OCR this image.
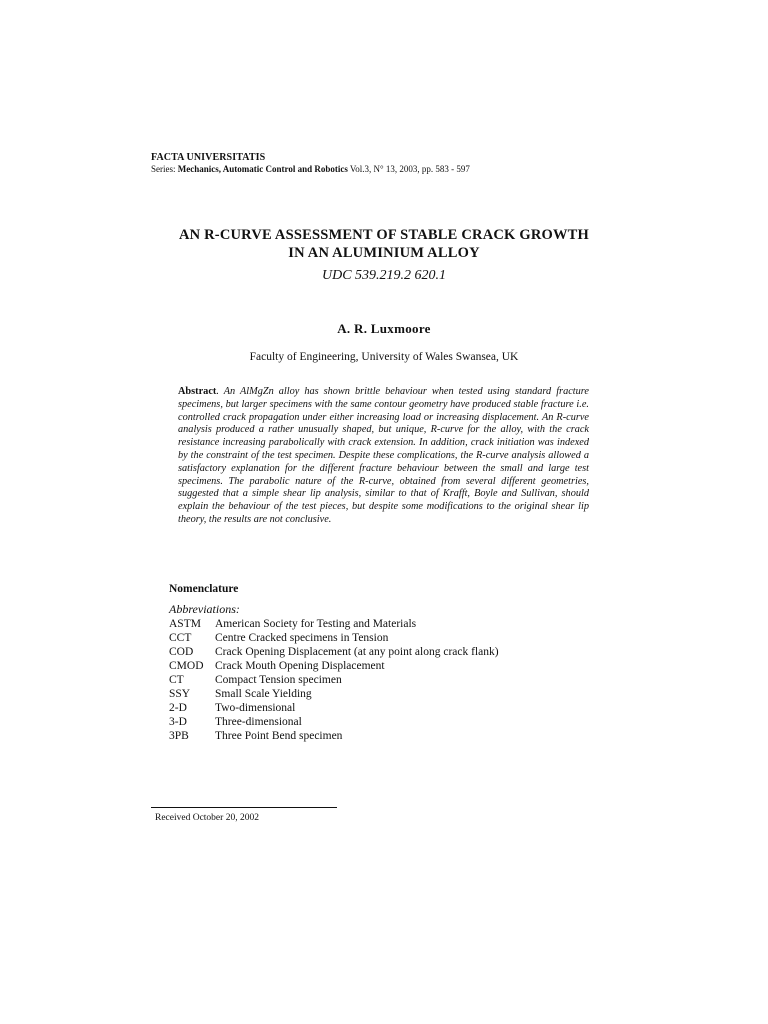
FACTA UNIVERSITATIS
Series: Mechanics, Automatic Control and Robotics Vol.3, N° 13, 2003, pp. 583 - 597
AN R-CURVE ASSESSMENT OF STABLE CRACK GROWTH
IN AN ALUMINIUM ALLOY
UDC 539.219.2 620.1
A. R. Luxmoore
Faculty of Engineering, University of Wales Swansea, UK
Abstract. An AlMgZn alloy has shown brittle behaviour when tested using standard fracture specimens, but larger specimens with the same contour geometry have produced stable fracture i.e. controlled crack propagation under either increasing load or increasing displacement. An R-curve analysis produced a rather unusually shaped, but unique, R-curve for the alloy, with the crack resistance increasing parabolically with crack extension. In addition, crack initiation was indexed by the constraint of the test specimen. Despite these complications, the R-curve analysis allowed a satisfactory explanation for the different fracture behaviour between the small and large test specimens. The parabolic nature of the R-curve, obtained from several different geometries, suggested that a simple shear lip analysis, similar to that of Krafft, Boyle and Sullivan, should explain the behaviour of the test pieces, but despite some modifications to the original shear lip theory, the results are not conclusive.
Nomenclature
Abbreviations:
ASTM	American Society for Testing and Materials
CCT	Centre Cracked specimens in Tension
COD	Crack Opening Displacement (at any point along crack flank)
CMOD Crack Mouth Opening Displacement
CT	Compact Tension specimen
SSY	Small Scale Yielding
2-D	Two-dimensional
3-D	Three-dimensional
3PB	Three Point Bend specimen
Received October 20, 2002
